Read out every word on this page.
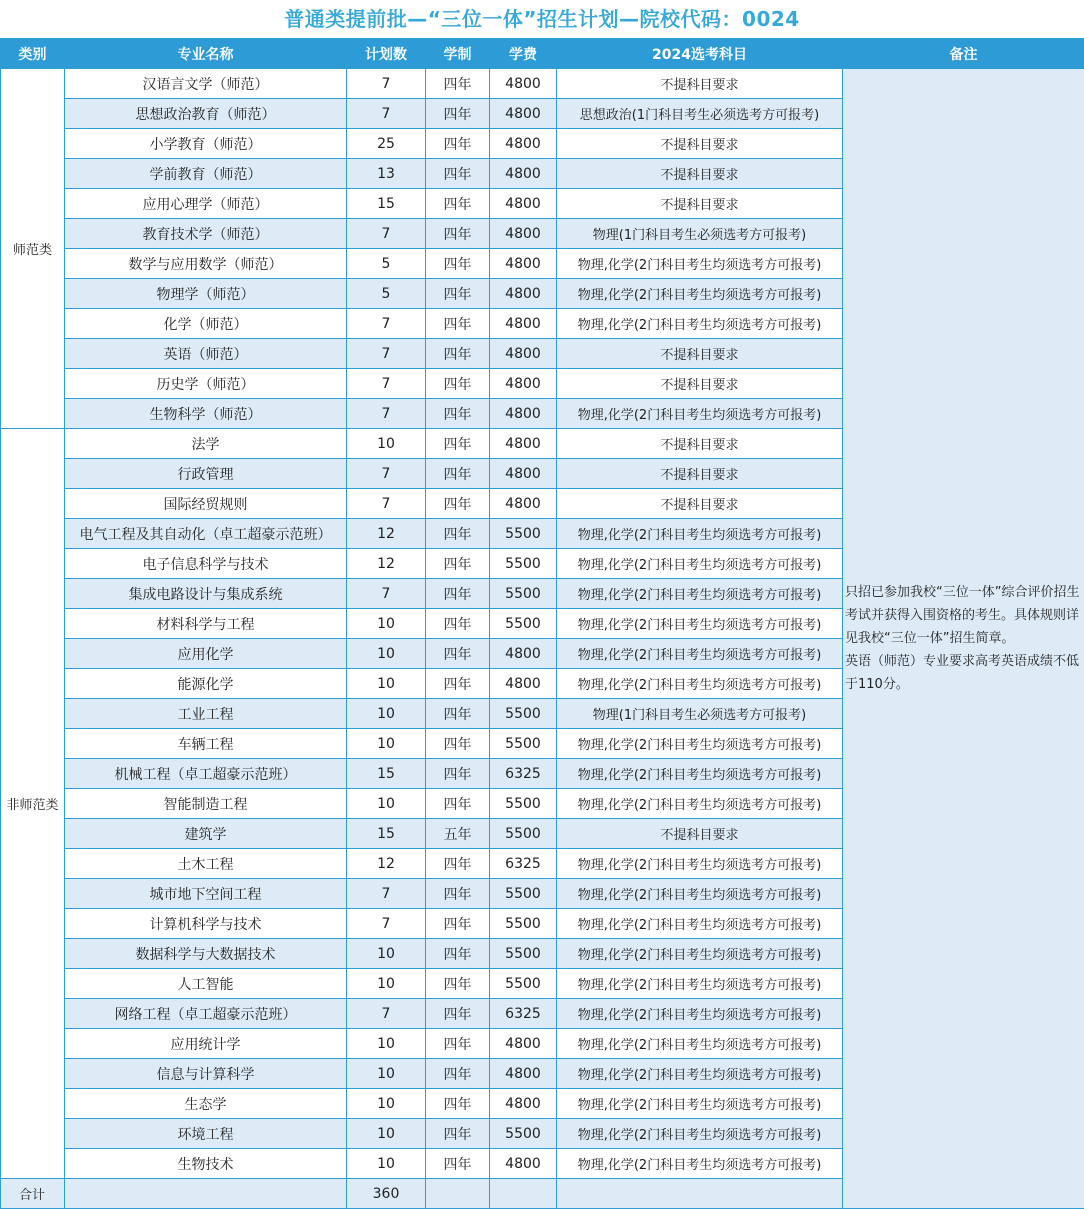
普通类提前批—“三位一体”招生计划—院校代码：0024
类别	专业名称	计划数	学制	学费	2024选考科目	备注
师范类	汉语言文学（师范）	7	四年	4800	不提科目要求	只招已参加我校“三位一体”综合评价招生考试并获得入围资格的考生。具体规则详见我校“三位一体”招生简章。
英语（师范）专业要求高考英语成绩不低于110分。
	思想政治教育（师范）	7	四年	4800	思想政治(1门科目考生必须选考方可报考)	
	小学教育（师范）	25	四年	4800	不提科目要求	
	学前教育（师范）	13	四年	4800	不提科目要求	
	应用心理学（师范）	15	四年	4800	不提科目要求	
	教育技术学（师范）	7	四年	4800	物理(1门科目考生必须选考方可报考)	
	数学与应用数学（师范）	5	四年	4800	物理,化学(2门科目考生均须选考方可报考)	
	物理学（师范）	5	四年	4800	物理,化学(2门科目考生均须选考方可报考)	
	化学（师范）	7	四年	4800	物理,化学(2门科目考生均须选考方可报考)	
	英语（师范）	7	四年	4800	不提科目要求	
	历史学（师范）	7	四年	4800	不提科目要求	
	生物科学（师范）	7	四年	4800	物理,化学(2门科目考生均须选考方可报考)	
非师范类	法学	10	四年	4800	不提科目要求	
	行政管理	7	四年	4800	不提科目要求	
	国际经贸规则	7	四年	4800	不提科目要求	
	电气工程及其自动化（卓工超豪示范班）	12	四年	5500	物理,化学(2门科目考生均须选考方可报考)	
	电子信息科学与技术	12	四年	5500	物理,化学(2门科目考生均须选考方可报考)	
	集成电路设计与集成系统	7	四年	5500	物理,化学(2门科目考生均须选考方可报考)	
	材料科学与工程	10	四年	5500	物理,化学(2门科目考生均须选考方可报考)	
	应用化学	10	四年	4800	物理,化学(2门科目考生均须选考方可报考)	
	能源化学	10	四年	4800	物理,化学(2门科目考生均须选考方可报考)	
	工业工程	10	四年	5500	物理(1门科目考生必须选考方可报考)	
	车辆工程	10	四年	5500	物理,化学(2门科目考生均须选考方可报考)	
	机械工程（卓工超豪示范班）	15	四年	6325	物理,化学(2门科目考生均须选考方可报考)	
	智能制造工程	10	四年	5500	物理,化学(2门科目考生均须选考方可报考)	
	建筑学	15	五年	5500	不提科目要求	
	土木工程	12	四年	6325	物理,化学(2门科目考生均须选考方可报考)	
	城市地下空间工程	7	四年	5500	物理,化学(2门科目考生均须选考方可报考)	
	计算机科学与技术	7	四年	5500	物理,化学(2门科目考生均须选考方可报考)	
	数据科学与大数据技术	10	四年	5500	物理,化学(2门科目考生均须选考方可报考)	
	人工智能	10	四年	5500	物理,化学(2门科目考生均须选考方可报考)	
	网络工程（卓工超豪示范班）	7	四年	6325	物理,化学(2门科目考生均须选考方可报考)	
	应用统计学	10	四年	4800	物理,化学(2门科目考生均须选考方可报考)	
	信息与计算科学	10	四年	4800	物理,化学(2门科目考生均须选考方可报考)	
	生态学	10	四年	4800	物理,化学(2门科目考生均须选考方可报考)	
	环境工程	10	四年	5500	物理,化学(2门科目考生均须选考方可报考)	
	生物技术	10	四年	4800	物理,化学(2门科目考生均须选考方可报考)	
合计		360				
